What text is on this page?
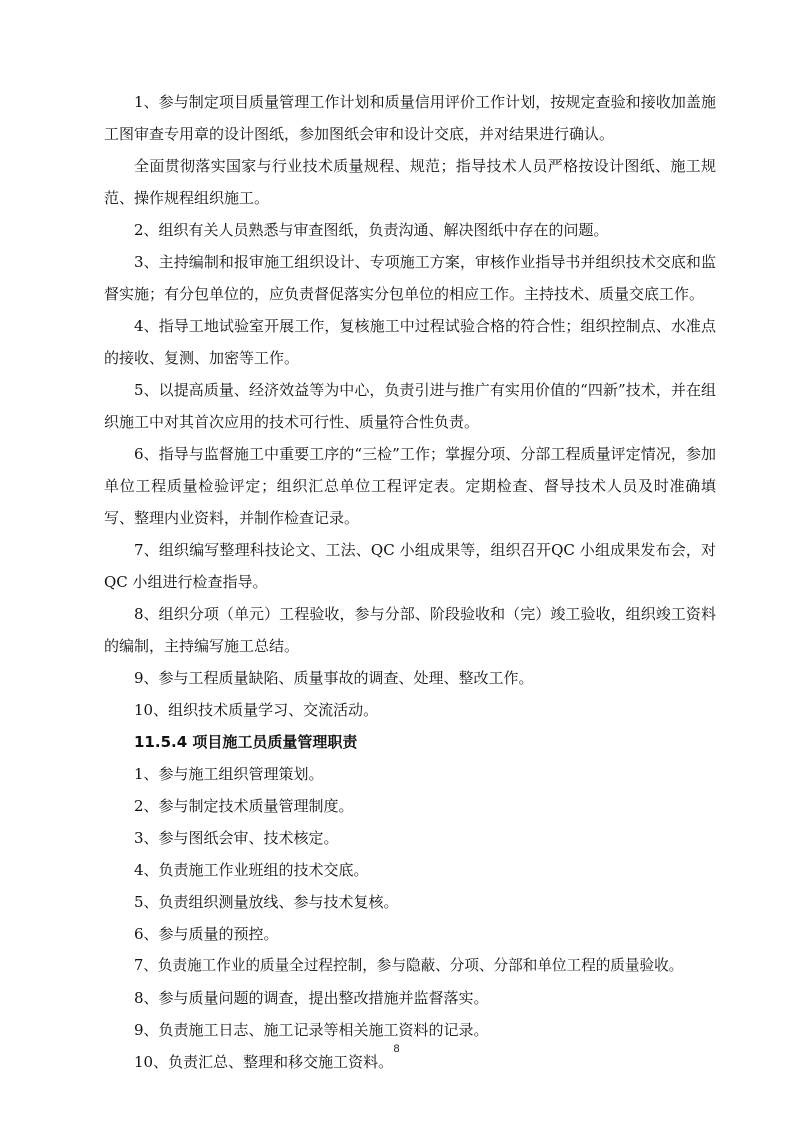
1、参与制定项目质量管理工作计划和质量信用评价工作计划，按规定查验和接收加盖施工图审查专用章的设计图纸，参加图纸会审和设计交底，并对结果进行确认。

全面贯彻落实国家与行业技术质量规程、规范；指导技术人员严格按设计图纸、施工规范、操作规程组织施工。

2、组织有关人员熟悉与审查图纸，负责沟通、解决图纸中存在的问题。

3、主持编制和报审施工组织设计、专项施工方案，审核作业指导书并组织技术交底和监督实施；有分包单位的，应负责督促落实分包单位的相应工作。主持技术、质量交底工作。

4、指导工地试验室开展工作，复核施工中过程试验合格的符合性；组织控制点、水准点的接收、复测、加密等工作。

5、以提高质量、经济效益等为中心，负责引进与推广有实用价值的“四新”技术，并在组织施工中对其首次应用的技术可行性、质量符合性负责。

6、指导与监督施工中重要工序的“三检”工作；掌握分项、分部工程质量评定情况，参加单位工程质量检验评定；组织汇总单位工程评定表。定期检查、督导技术人员及时准确填写、整理内业资料，并制作检查记录。

7、组织编写整理科技论文、工法、QC 小组成果等，组织召开QC 小组成果发布会，对 QC 小组进行检查指导。

8、组织分项（单元）工程验收，参与分部、阶段验收和（完）竣工验收，组织竣工资料的编制，主持编写施工总结。

9、参与工程质量缺陷、质量事故的调查、处理、整改工作。

10、组织技术质量学习、交流活动。

11.5.4 项目施工员质量管理职责

1、参与施工组织管理策划。

2、参与制定技术质量管理制度。

3、参与图纸会审、技术核定。

4、负责施工作业班组的技术交底。

5、负责组织测量放线、参与技术复核。

6、参与质量的预控。

7、负责施工作业的质量全过程控制，参与隐蔽、分项、分部和单位工程的质量验收。

8、参与质量问题的调查，提出整改措施并监督落实。

9、负责施工日志、施工记录等相关施工资料的记录。

10、负责汇总、整理和移交施工资料。

8
